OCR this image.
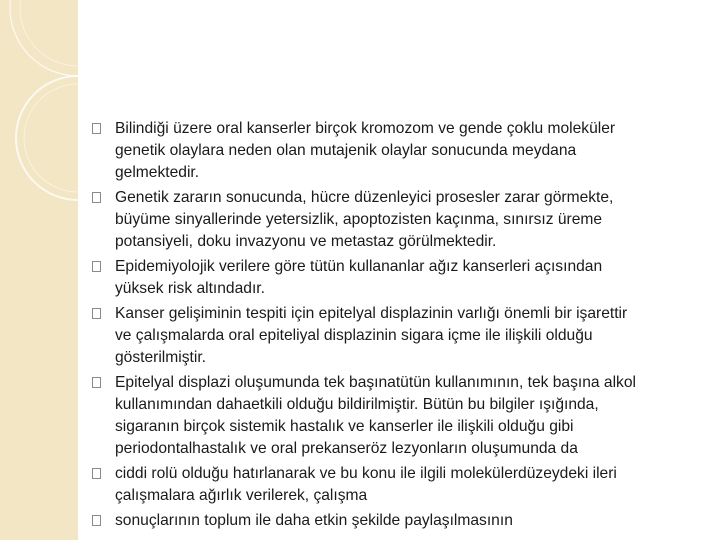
Bilindiği üzere oral kanserler birçok kromozom ve gende çoklu moleküler
genetik olaylara neden olan mutajenik olaylar sonucunda meydana
gelmektedir.
Genetik zararın sonucunda, hücre düzenleyici prosesler zarar görmekte,
büyüme sinyallerinde yetersizlik, apoptozisten kaçınma, sınırsız üreme
potansiyeli, doku invazyonu ve metastaz görülmektedir.
Epidemiyolojik verilere göre tütün kullananlar ağız kanserleri açısından
yüksek risk altındadır.
Kanser gelişiminin tespiti için epitelyal displazinin varlığı önemli bir işarettir
ve çalışmalarda oral epiteliyal displazinin sigara içme ile ilişkili olduğu
gösterilmiştir.
Epitelyal displazi oluşumunda tek başınatütün kullanımının, tek başına alkol
kullanımından dahaetkili olduğu bildirilmiştir. Bütün bu bilgiler ışığında,
sigaranın birçok sistemik hastalık ve kanserler ile ilişkili olduğu gibi
periodontalhastalık ve oral prekanseröz lezyonların oluşumunda da
ciddi rolü olduğu hatırlanarak ve bu konu ile ilgili molekülerdüzeydeki ileri
çalışmalara ağırlık verilerek, çalışma
sonuçlarının toplum ile daha etkin şekilde paylaşılmasının
